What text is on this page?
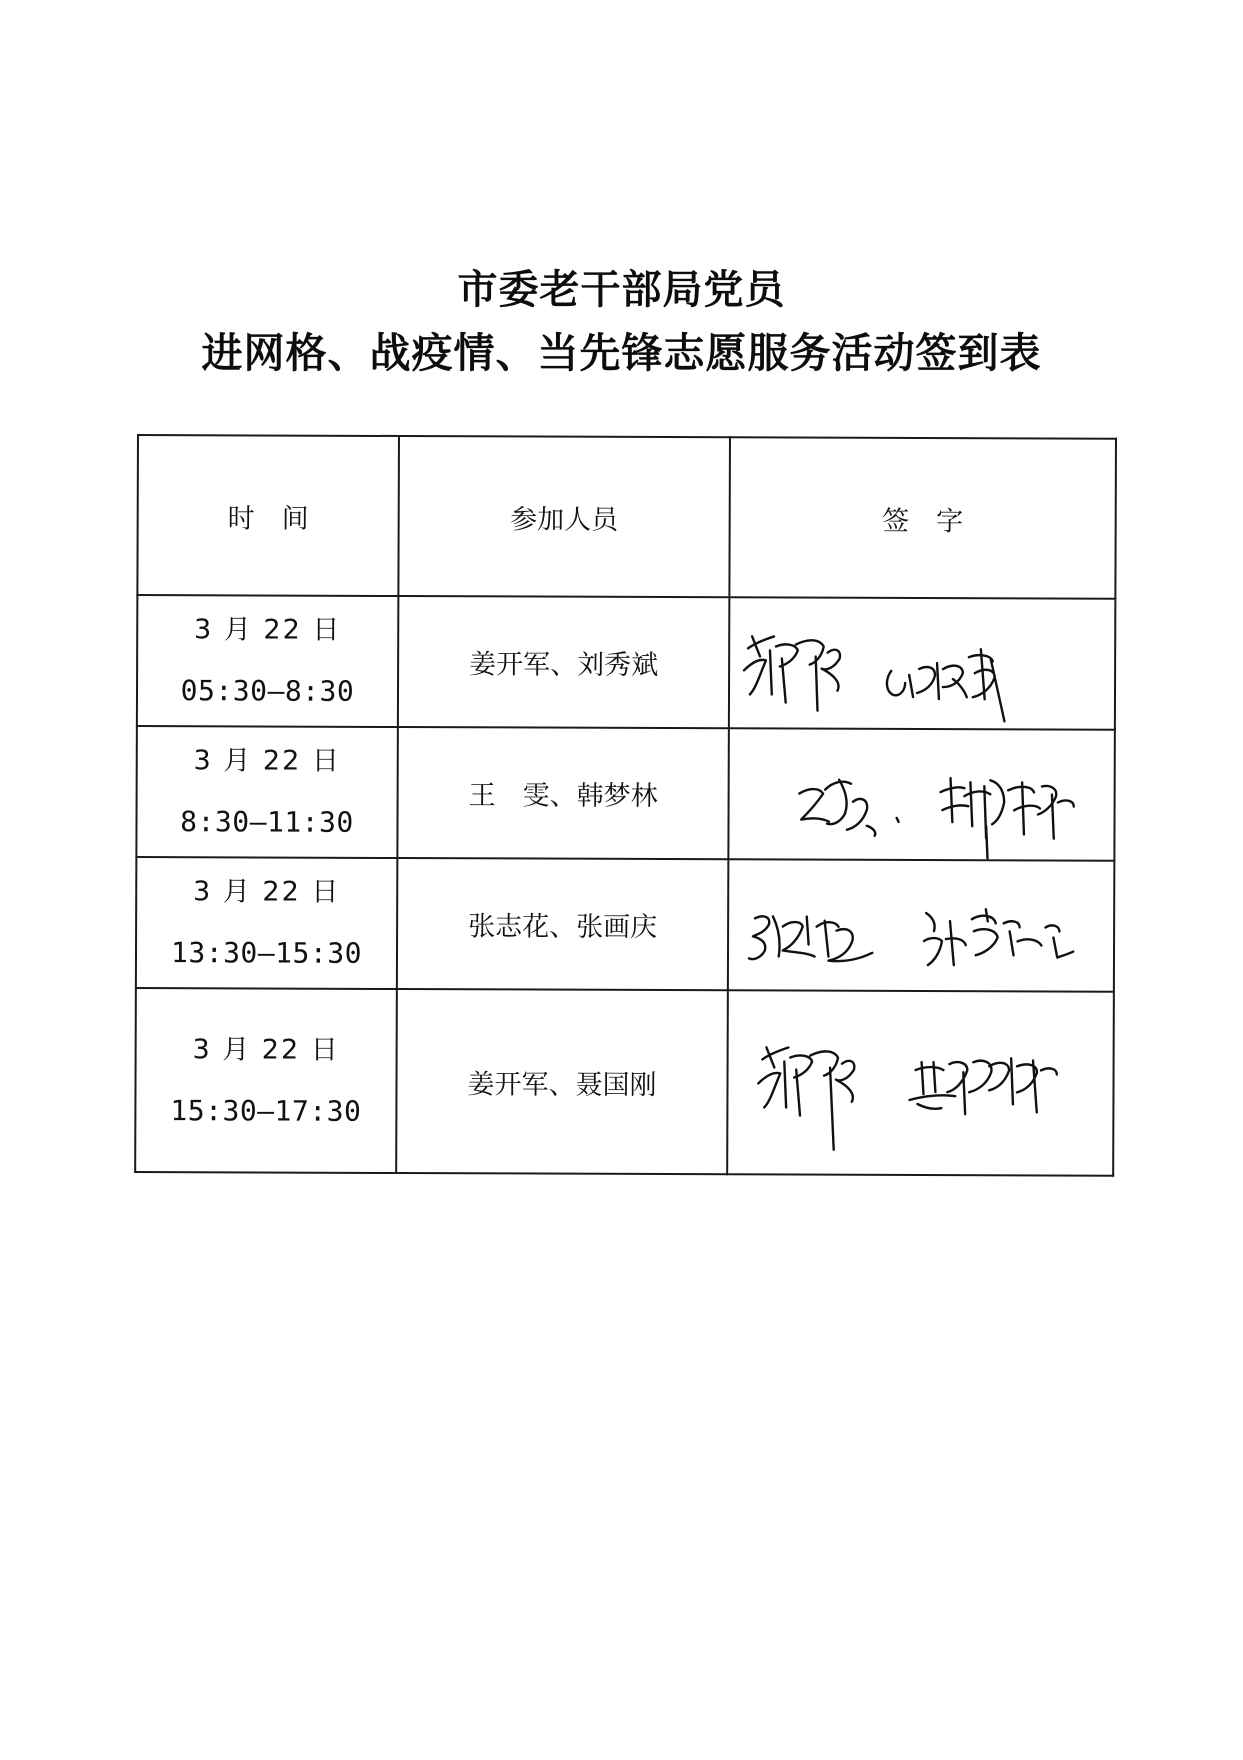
市委老干部局党员
进网格、战疫情、当先锋志愿服务活动签到表
时　间	参加人员	签　字

3 月 22 日
05:30—8:30	姜开军、刘秀斌	

3 月 22 日
8:30—11:30	王　雯、韩梦林	

3 月 22 日
13:30—15:30	张志花、张画庆	

3 月 22 日
15:30—17:30	姜开军、聂国刚	
